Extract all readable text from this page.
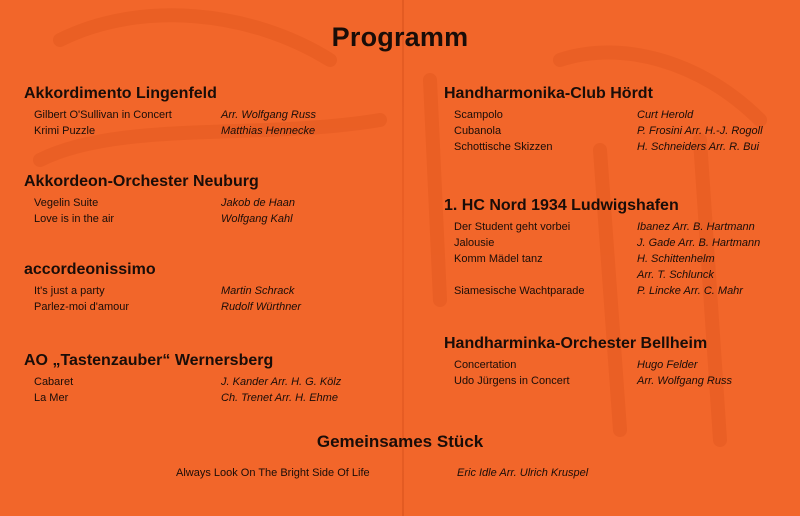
Programm
Akkordimento Lingenfeld
Gilbert O'Sullivan in Concert	Arr. Wolfgang Russ
Krimi Puzzle	Matthias Hennecke
Akkordeon-Orchester Neuburg
Vegelin Suite	Jakob de Haan
Love is in the air	Wolfgang Kahl
accordeonissimo
It's just a party	Martin Schrack
Parlez-moi d'amour	Rudolf Würthner
AO „Tastenzauber“ Wernersberg
Cabaret	J. Kander Arr. H. G. Kölz
La Mer	Ch. Trenet Arr. H. Ehme
Handharmonika-Club Hördt
Scampolo	Curt Herold
Cubanola	P. Frosini Arr. H.-J. Rogoll
Schottische Skizzen	H. Schneiders Arr. R. Bui
1. HC Nord 1934 Ludwigshafen
Der Student geht vorbei	Ibanez Arr. B. Hartmann
Jalousie	J. Gade Arr. B. Hartmann
Komm Mädel tanz	H. Schittenhelm
Arr. T. Schlunck
Siamesische Wachtparade	P. Lincke Arr. C. Mahr
Handharminka-Orchester Bellheim
Concertation	Hugo Felder
Udo Jürgens in Concert	Arr. Wolfgang Russ
Gemeinsames Stück
Always Look On The Bright Side Of Life	Eric Idle Arr. Ulrich Kruspel
